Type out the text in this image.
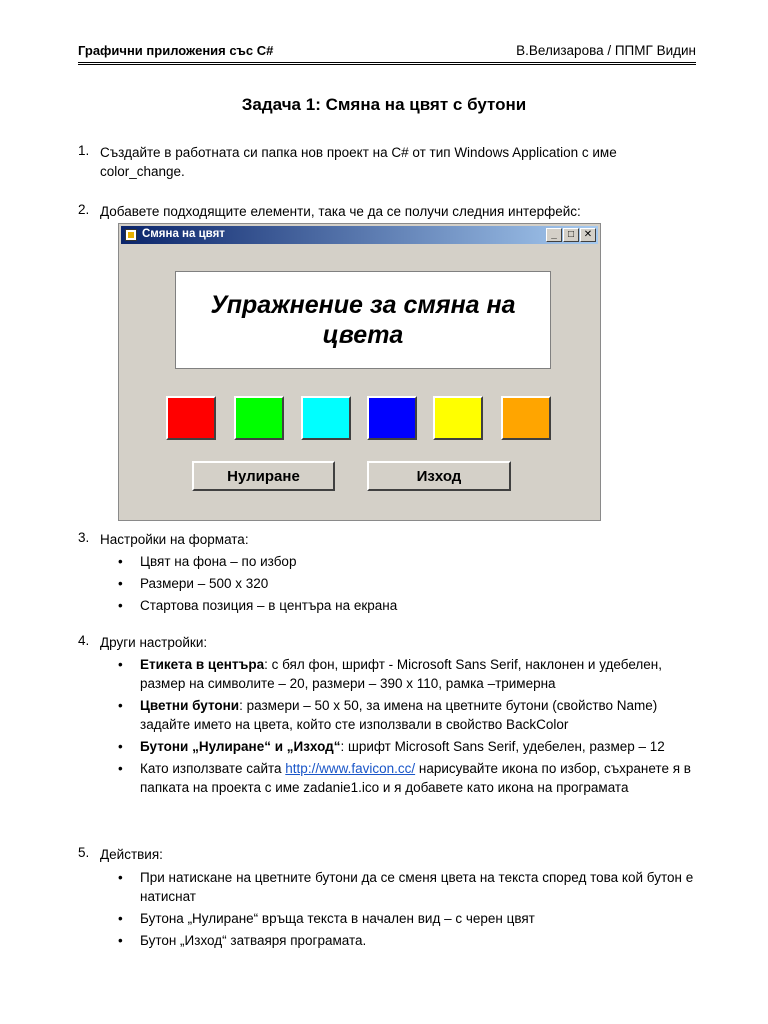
Графични приложения със C#	В.Велизарова / ППМГ Видин
Задача 1: Смяна на цвят с бутони
1. Създайте в работната си папка нов проект на C# от тип Windows Application с име color_change.
2. Добавете подходящите елементи, така че да се получи следния интерфейс:
Смяна на цвят	_	□ ✕
Упражнение за смяна на цвета
Нулиране	Изход
3. Настройки на формата:
• Цвят на фона – по избор
• Размери – 500 x 320
• Стартова позиция – в центъра на екрана
4. Други настройки:
• Етикета в центъра: с бял фон, шрифт - Microsoft Sans Serif, наклонен и удебелен, размер на символите – 20, размери – 390 x 110, рамка –тримерна
• Цветни бутони: размери – 50 x 50, за имена на цветните бутони (свойство Name) задайте името на цвета, който сте използвали в свойство BackColor
• Бутони „Нулиране“ и „Изход“: шрифт Microsoft Sans Serif, удебелен, размер – 12
• Като използвате сайта http://www.favicon.cc/ нарисувайте икона по избор, съхранете я в папката на проекта с име zadanie1.ico и я добавете като икона на програмата
5. Действия:
• При натискане на цветните бутони да се сменя цвета на текста според това кой бутон е натиснат
• Бутона „Нулиране“ връща текста в начален вид – с черен цвят
• Бутон „Изход“ затваяря програмата.
